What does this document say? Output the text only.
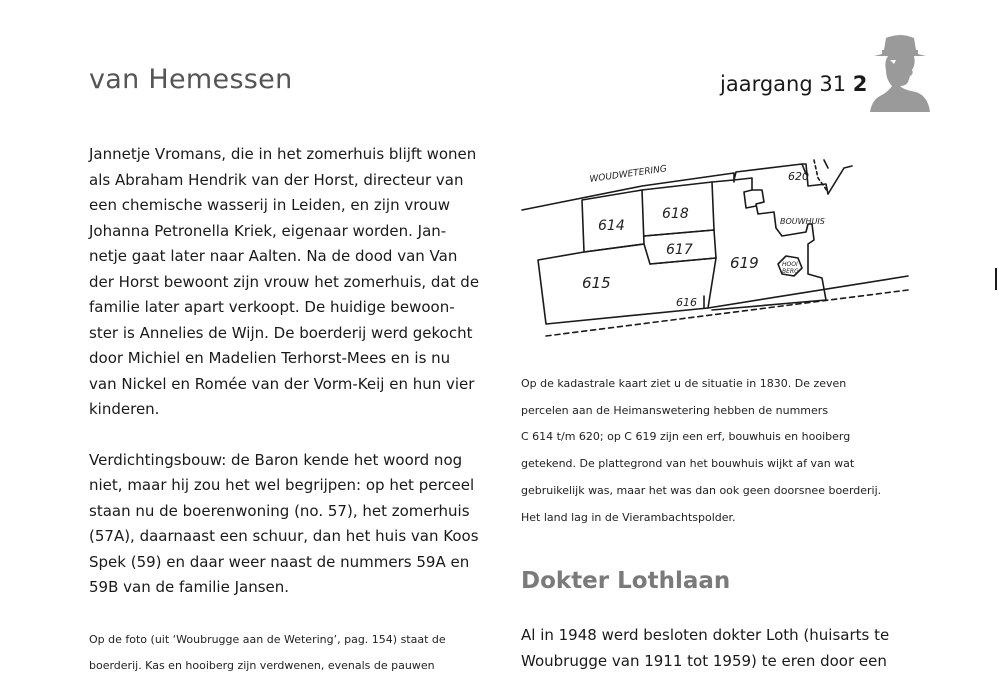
van Hemessen	jaargang 31 2
Jannetje Vromans, die in het zomerhuis blijft wonen
als Abraham Hendrik van der Horst, directeur van
een chemische wasserij in Leiden, en zijn vrouw
Johanna Petronella Kriek, eigenaar worden. Jan-
netje gaat later naar Aalten. Na de dood van Van
der Horst bewoont zijn vrouw het zomerhuis, dat de
familie later apart verkoopt. De huidige bewoon-
ster is Annelies de Wijn. De boerderij werd gekocht
door Michiel en Madelien Terhorst-Mees en is nu
van Nickel en Romée van der Vorm-Keij en hun vier
kinderen.
Verdichtingsbouw: de Baron kende het woord nog
niet, maar hij zou het wel begrijpen: op het perceel
staan nu de boerenwoning (no. 57), het zomerhuis
(57A), daarnaast een schuur, dan het huis van Koos
Spek (59) en daar weer naast de nummers 59A en
59B van de familie Jansen.
Op de foto (uit ‘Woubrugge aan de Wetering’, pag. 154) staat de
boerderij. Kas en hooiberg zijn verdwenen, evenals de pauwen
WOUDWETERING
614
618
617
615
616
619
620
BOUWHUIS
HOOI
BERG
Op de kadastrale kaart ziet u de situatie in 1830. De zeven
percelen aan de Heimanswetering hebben de nummers
C 614 t/m 620; op C 619 zijn een erf, bouwhuis en hooiberg
getekend. De plattegrond van het bouwhuis wijkt af van wat
gebruikelijk was, maar het was dan ook geen doorsnee boerderij.
Het land lag in de Vierambachtspolder.
Dokter Lothlaan
Al in 1948 werd besloten dokter Loth (huisarts te
Woubrugge van 1911 tot 1959) te eren door een
